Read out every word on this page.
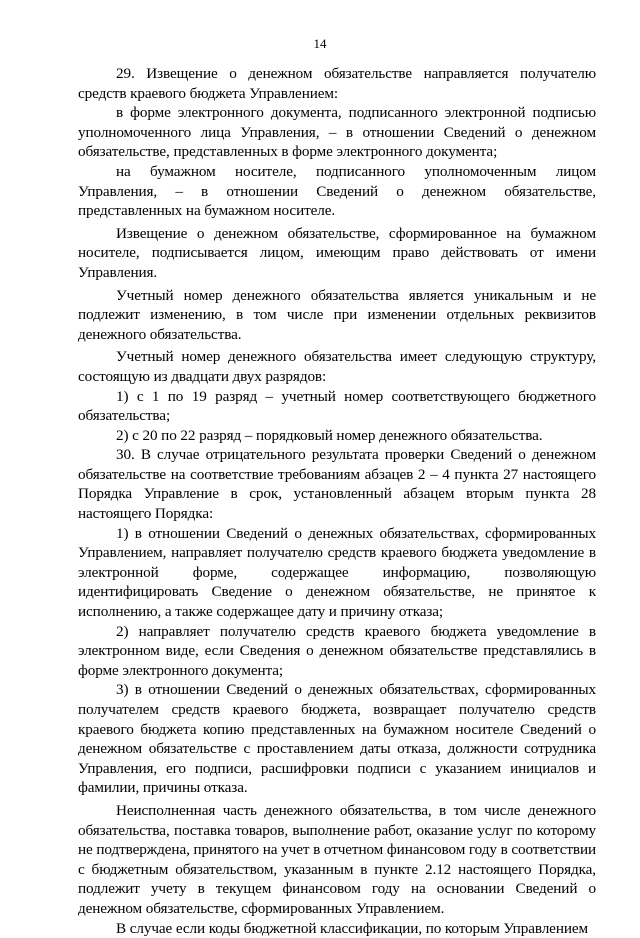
14

29. Извещение о денежном обязательстве направляется получателю средств краевого бюджета Управлением:

в форме электронного документа, подписанного электронной подписью уполномоченного лица Управления, – в отношении Сведений о денежном обязательстве, представленных в форме электронного документа;

на бумажном носителе, подписанного уполномоченным лицом Управления, – в отношении Сведений о денежном обязательстве, представленных на бумажном носителе.

Извещение о денежном обязательстве, сформированное на бумажном носителе, подписывается лицом, имеющим право действовать от имени Управления.

Учетный номер денежного обязательства является уникальным и не подлежит изменению, в том числе при изменении отдельных реквизитов денежного обязательства.

Учетный номер денежного обязательства имеет следующую структуру, состоящую из двадцати двух разрядов:

1) с 1 по 19 разряд – учетный номер соответствующего бюджетного обязательства;

2) с 20 по 22 разряд – порядковый номер денежного обязательства.

30. В случае отрицательного результата проверки Сведений о денежном обязательстве на соответствие требованиям абзацев 2 – 4 пункта 27 настоящего Порядка Управление в срок, установленный абзацем вторым пункта 28 настоящего Порядка:

1) в отношении Сведений о денежных обязательствах, сформированных Управлением, направляет получателю средств краевого бюджета уведомление в электронной форме, содержащее информацию, позволяющую идентифицировать Сведение о денежном обязательстве, не принятое к исполнению, а также содержащее дату и причину отказа;

2) направляет получателю средств краевого бюджета уведомление в электронном виде, если Сведения о денежном обязательстве представлялись в форме электронного документа;

3) в отношении Сведений о денежных обязательствах, сформированных получателем средств краевого бюджета, возвращает получателю средств краевого бюджета копию представленных на бумажном носителе Сведений о денежном обязательстве с проставлением даты отказа, должности сотрудника Управления, его подписи, расшифровки подписи с указанием инициалов и фамилии, причины отказа.

Неисполненная часть денежного обязательства, в том числе денежного обязательства, поставка товаров, выполнение работ, оказание услуг по которому не подтверждена, принятого на учет в отчетном финансовом году в соответствии с бюджетным обязательством, указанным в пункте 2.12 настоящего Порядка, подлежит учету в текущем финансовом году на основании Сведений о денежном обязательстве, сформированных Управлением.

В случае если коды бюджетной классификации, по которым Управлением
